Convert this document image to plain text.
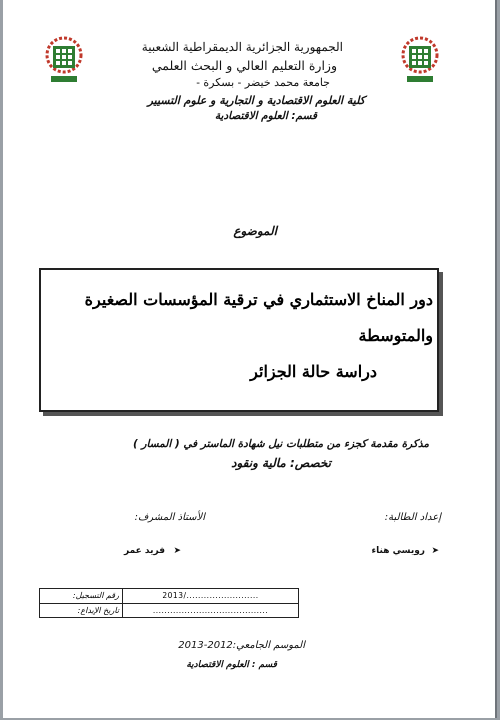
الجمهورية الجزائرية الديمقراطية الشعبية
وزارة التعليم العالي و البحث العلمي
جامعة محمد خيضر - بسكرة -
كلية العلوم الاقتصادية و التجارية و علوم التسيير
قسم: العلوم الاقتصادية
الموضوع
دور المناخ الاستثماري في ترقية المؤسسات الصغيرة
والمتوسطة
دراسة حالة الجزائر
مذكرة مقدمة كجزء من متطلبات نيل شهادة الماستر في ( المسار )
تخصص: مالية ونقود
إعداد الطالبة:
الأستاذ المشرف:
➤
رويسي هناء
➤
فريد عمر
رقم التسجيل:	........................./2013
تاريخ الإيداع:	........................................
الموسم الجامعي:2012-2013
قسم : العلوم الاقتصادية
